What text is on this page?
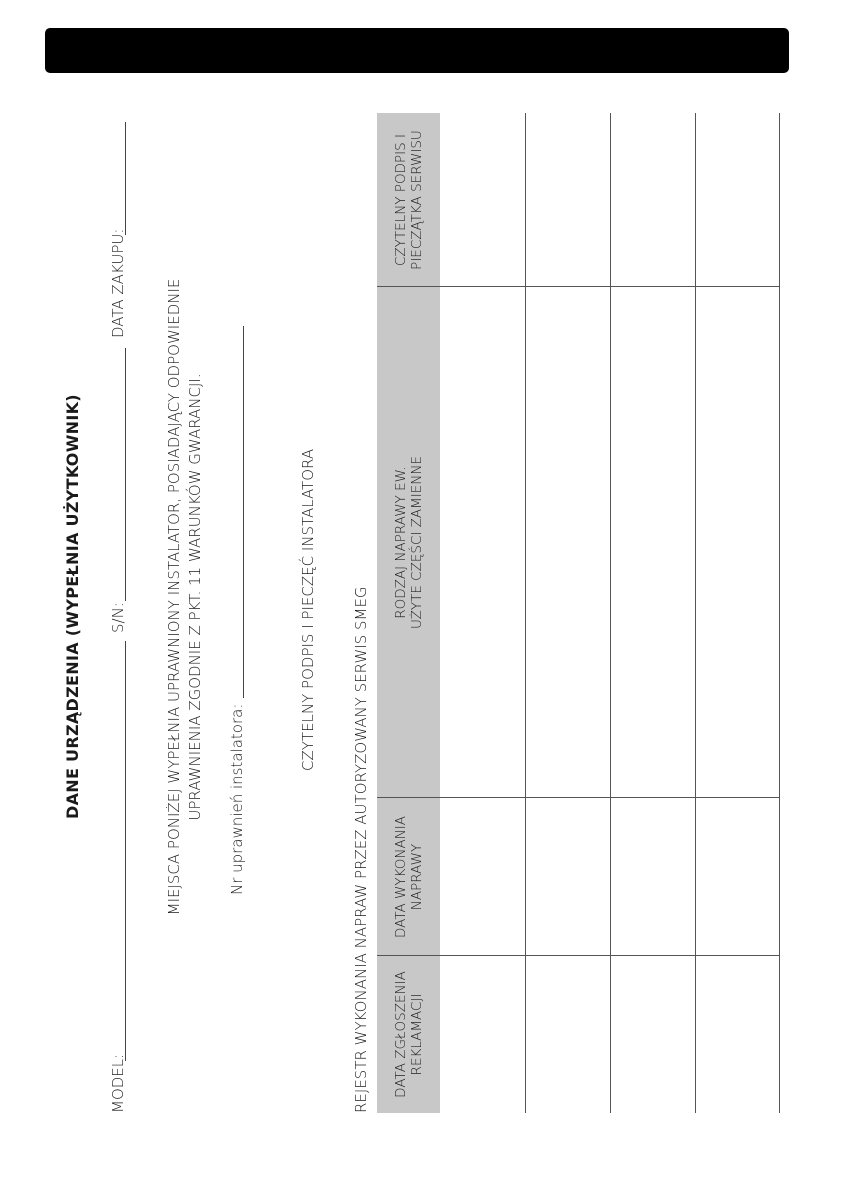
DANE URZĄDZENIA (WYPEŁNIA UŻYTKOWNIK)
MODEL:
S/N:
DATA ZAKUPU:	MIEJSCA PONIŻEJ WYPEŁNIA UPRAWNIONY INSTALATOR, POSIADAJĄCY ODPOWIEDNIE UPRAWNIENIA ZGODNIE Z PKT. 11 WARUNKÓW GWARANCJI. Nr uprawnień instalatora:
CZYTELNY PODPIS I PIECZĘĆ INSTALATORA REJESTR WYKONANIA NAPRAW PRZEZ AUTORYZOWANY SERWIS SMEG DATA ZGŁOSZENIA
REKLAMACJI
DATA WYKONANIA
NAPRAWY
RODZAJ NAPRAWY EW.
UŻYTE CZĘŚCI ZAMIENNE
CZYTELNY PODPIS I
PIECZĄTKA SERWISU
